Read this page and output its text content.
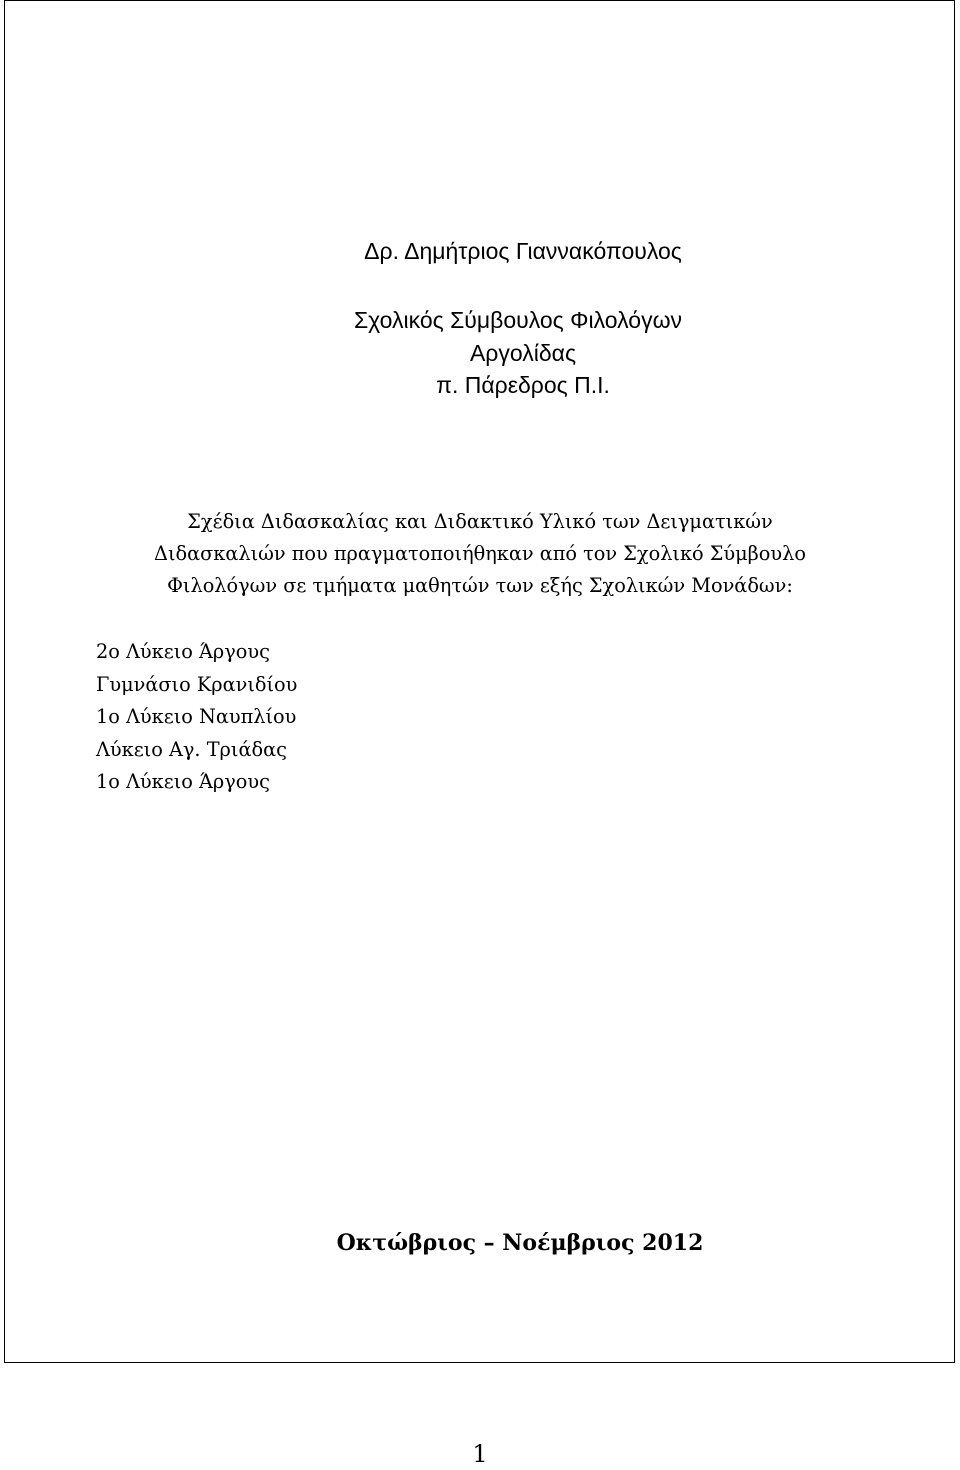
Δρ. Δημήτριος Γιαννακόπουλος
Σχολικός Σύμβουλος Φιλολόγων
Αργολίδας
π. Πάρεδρος Π.Ι.
Σχέδια Διδασκαλίας και Διδακτικό Υλικό των Δειγματικών
Διδασκαλιών που πραγματοποιήθηκαν από τον Σχολικό Σύμβουλο
Φιλολόγων σε τμήματα μαθητών των εξής Σχολικών Μονάδων:
2ο Λύκειο Άργους
Γυμνάσιο Κρανιδίου
1ο Λύκειο Ναυπλίου
Λύκειο Αγ. Τριάδας
1ο Λύκειο Άργους
Οκτώβριος – Νοέμβριος 2012
1
